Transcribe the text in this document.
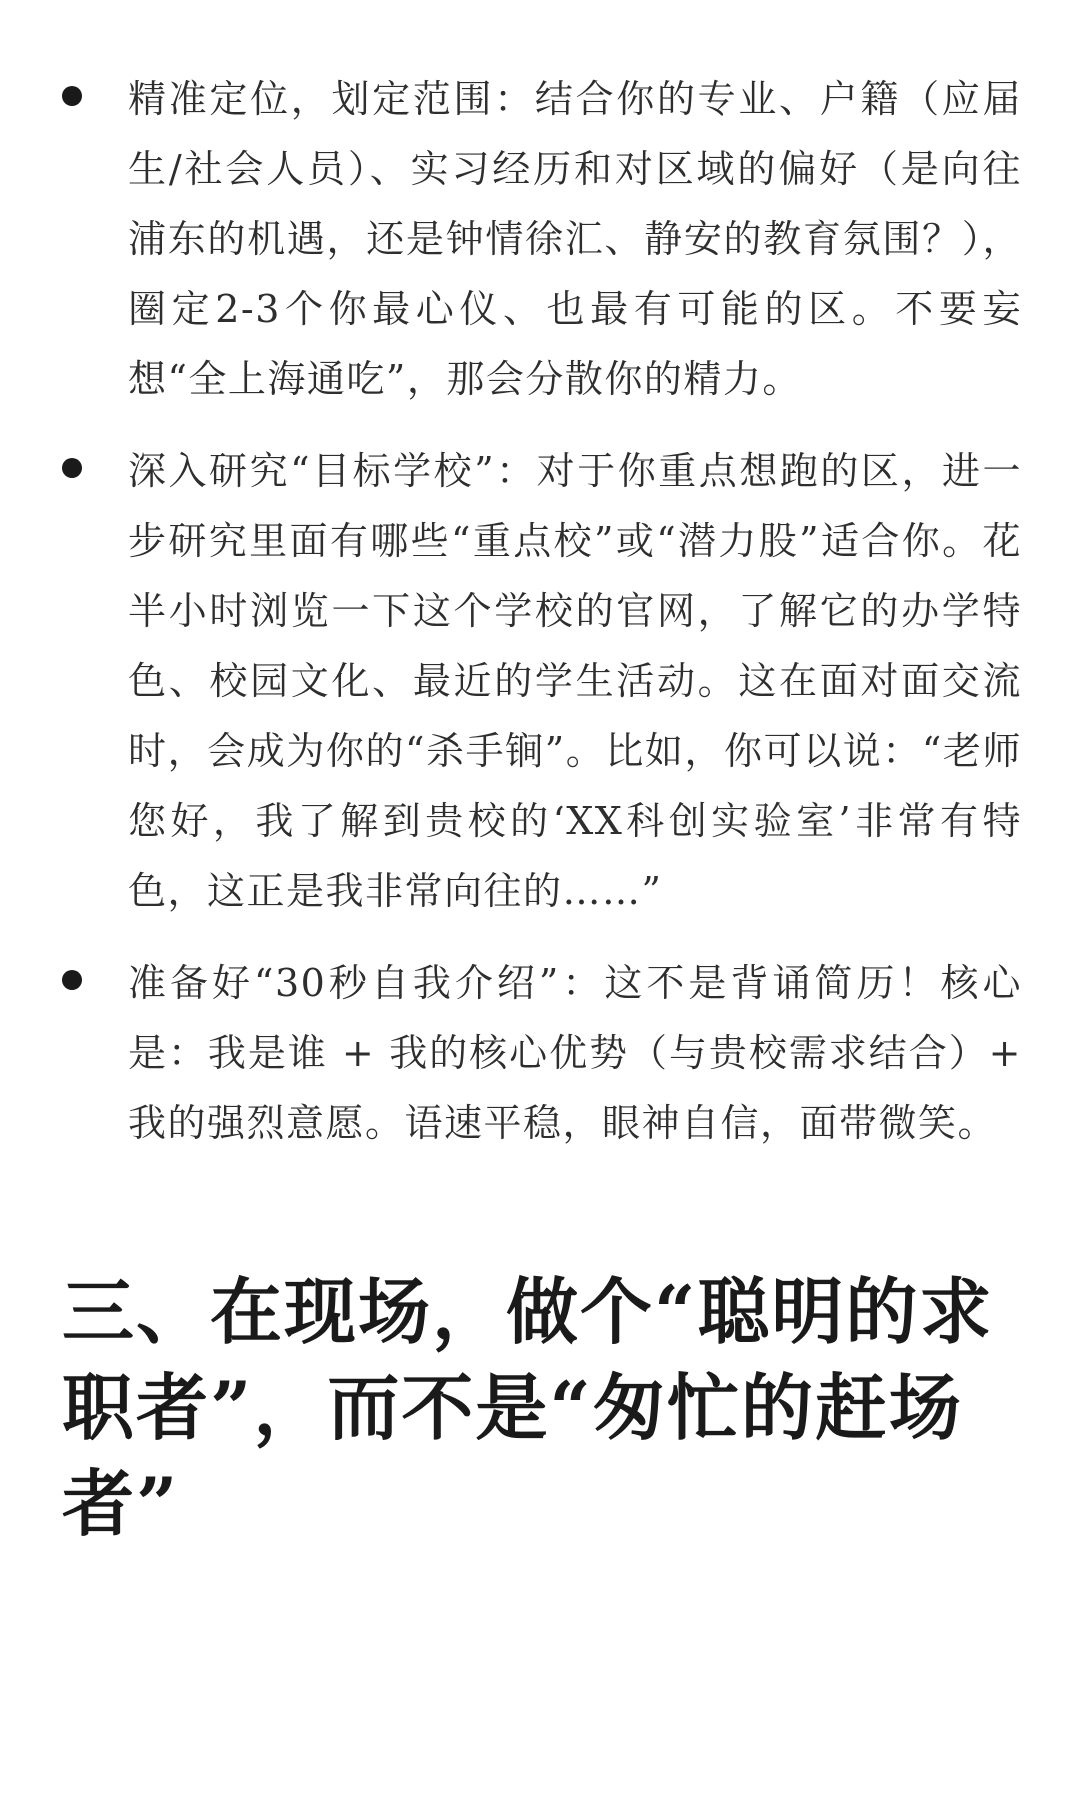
精准定位，划定范围：结合你的专业、户籍（应届生/社会人员）、实习经历和对区域的偏好（是向往浦东的机遇，还是钟情徐汇、静安的教育氛围？），圈定2-3个你最心仪、也最有可能的区。不要妄想“全上海通吃”，那会分散你的精力。

深入研究“目标学校”：对于你重点想跑的区，进一步研究里面有哪些“重点校”或“潜力股”适合你。花半小时浏览一下这个学校的官网，了解它的办学特色、校园文化、最近的学生活动。这在面对面交流时，会成为你的“杀手锏”。比如，你可以说：“老师您好，我了解到贵校的‘XX科创实验室’非常有特色，这正是我非常向往的……”

准备好“30秒自我介绍”：这不是背诵简历！核心是：我是谁 + 我的核心优势（与贵校需求结合）+ 我的强烈意愿。语速平稳，眼神自信，面带微笑。

三、在现场，做个“聪明的求职者”，而不是“匆忙的赶场者”
